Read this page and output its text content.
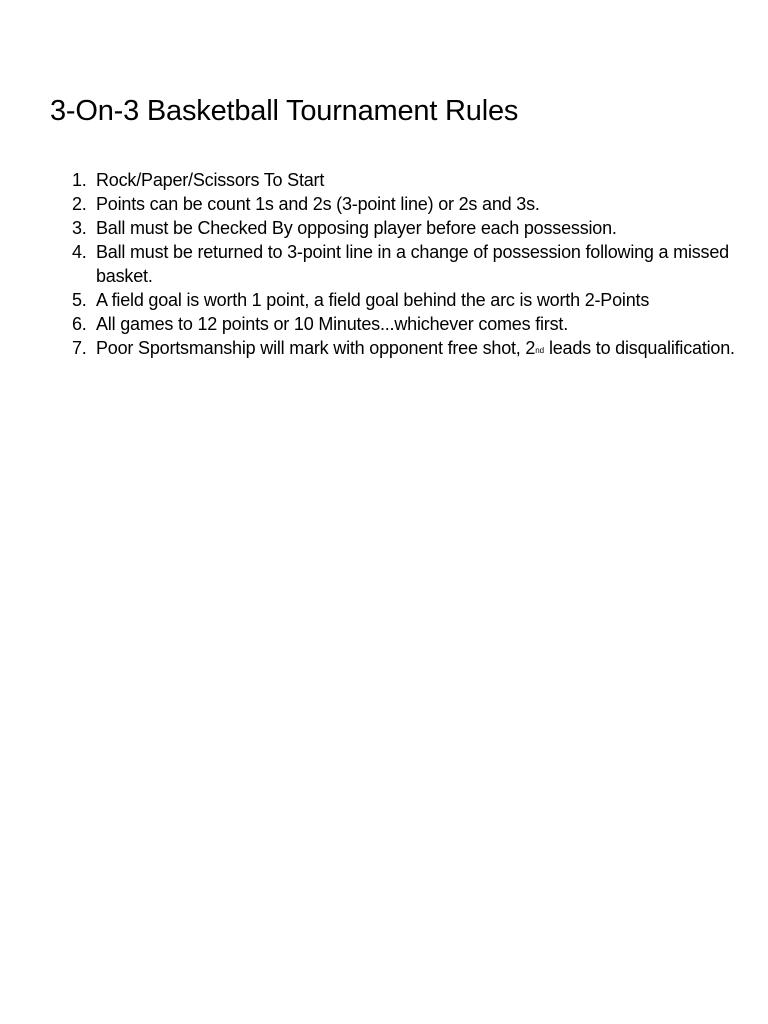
3-On-3 Basketball Tournament Rules
1. Rock/Paper/Scissors To Start
2. Points can be count 1s and 2s (3-point line) or 2s and 3s.
3. Ball must be Checked By opposing player before each possession.
4. Ball must be returned to 3-point line in a change of possession following a missed basket.
5. A field goal is worth 1 point, a field goal behind the arc is worth 2-Points
6. All games to 12 points or 10 Minutes...whichever comes first.
7. Poor Sportsmanship will mark with opponent free shot, 2nd leads to disqualification.
